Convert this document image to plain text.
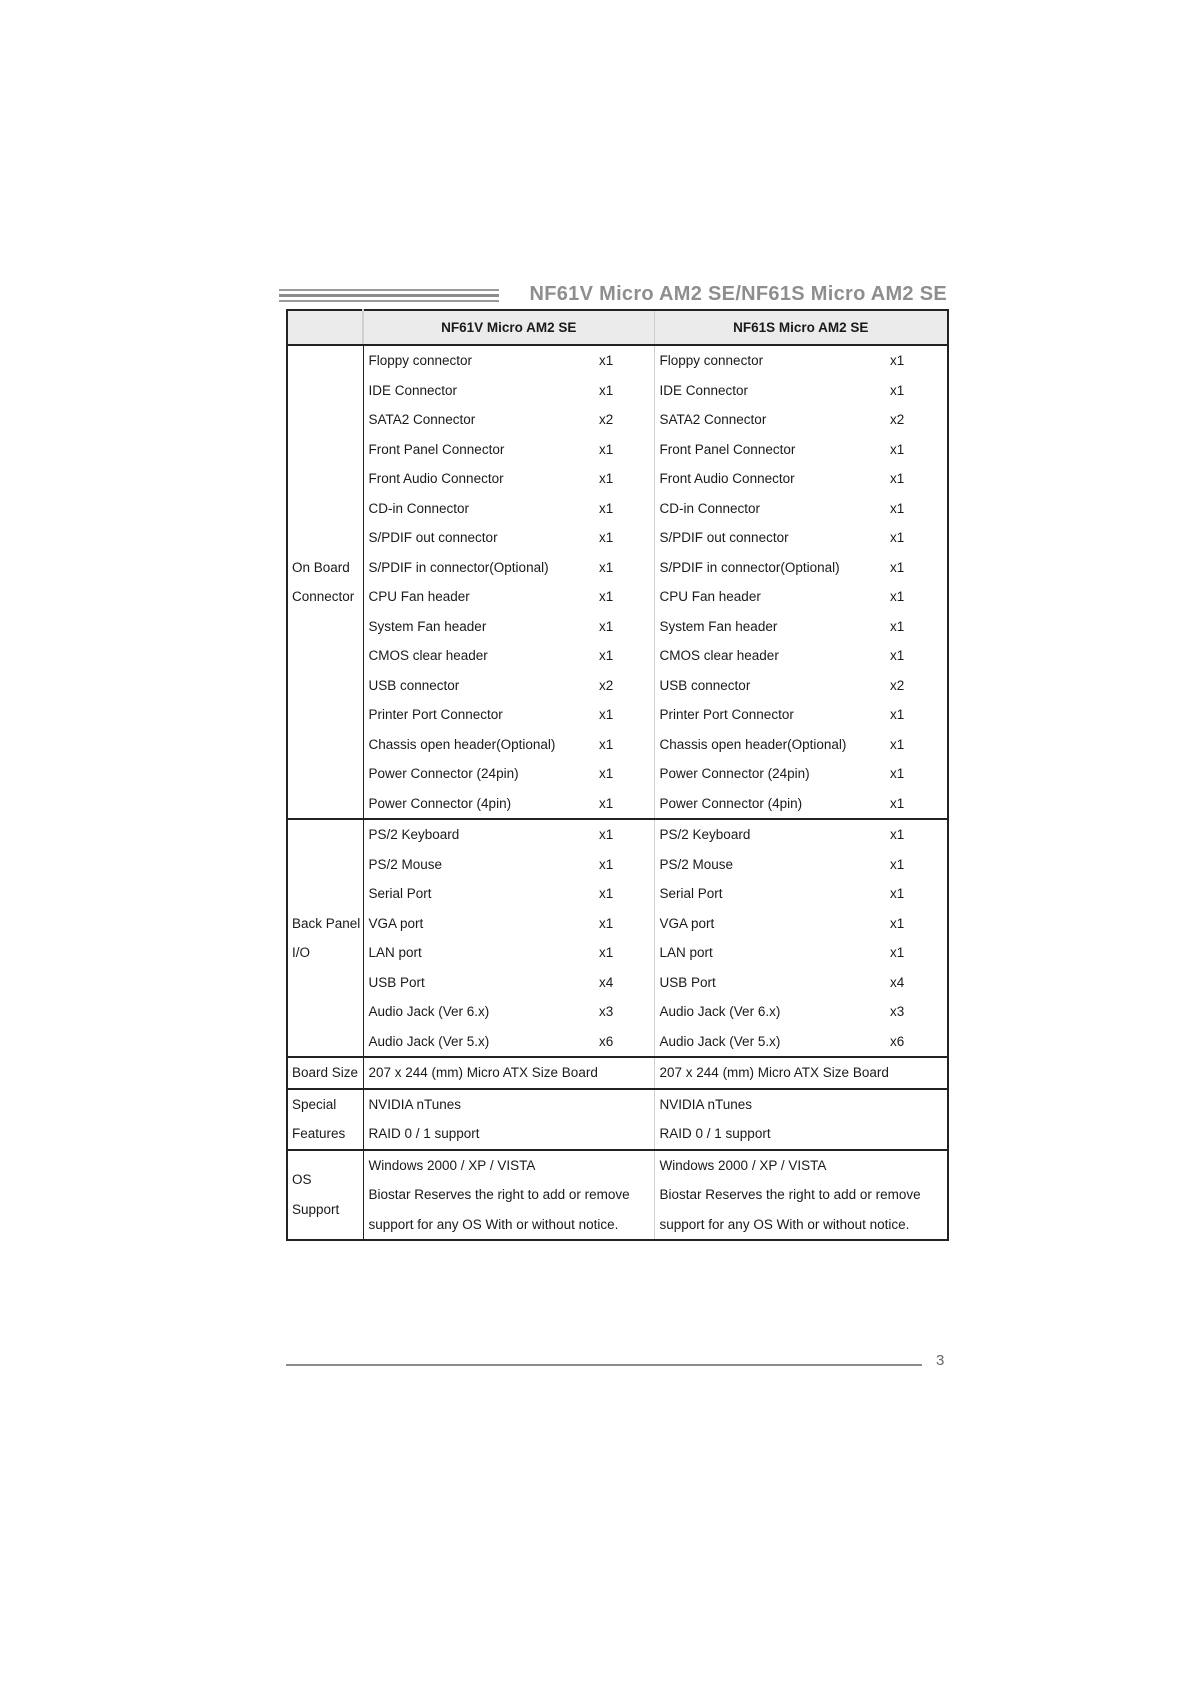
NF61V Micro AM2 SE/NF61S Micro AM2 SE
	NF61V Micro AM2 SE		NF61S Micro AM2 SE	
	Floppy connector	x1	Floppy connector	x1
	IDE Connector	x1	IDE Connector	x1
	SATA2 Connector	x2	SATA2 Connector	x2
	Front Panel Connector	x1	Front Panel Connector	x1
	Front Audio Connector	x1	Front Audio Connector	x1
	CD-in Connector	x1	CD-in Connector	x1
	S/PDIF out connector	x1	S/PDIF out connector	x1
On Board	S/PDIF in connector(Optional)	x1	S/PDIF in connector(Optional)	x1
Connector	CPU Fan header	x1	CPU Fan header	x1
	System Fan header	x1	System Fan header	x1
	CMOS clear header	x1	CMOS clear header	x1
	USB connector	x2	USB connector	x2
	Printer Port Connector	x1	Printer Port Connector	x1
	Chassis open header(Optional)	x1	Chassis open header(Optional)	x1
	Power Connector (24pin)	x1	Power Connector (24pin)	x1
	Power Connector (4pin)	x1	Power Connector (4pin)	x1
	PS/2 Keyboard	x1	PS/2 Keyboard	x1
	PS/2 Mouse	x1	PS/2 Mouse	x1
	Serial Port	x1	Serial Port	x1
Back Panel	VGA port	x1	VGA port	x1
I/O	LAN port	x1	LAN port	x1
	USB Port	x4	USB Port	x4
	Audio Jack (Ver 6.x)	x3	Audio Jack (Ver 6.x)	x3
	Audio Jack (Ver 5.x)	x6	Audio Jack (Ver 5.x)	x6
Board Size	207 x 244 (mm) Micro ATX Size Board		207 x 244 (mm) Micro ATX Size Board	
Special	NVIDIA nTunes		NVIDIA nTunes	
Features	RAID 0 / 1 support		RAID 0 / 1 support	
OS Support	Windows 2000 / XP / VISTA		Windows 2000 / XP / VISTA	
	Biostar Reserves the right to add or remove		Biostar Reserves the right to add or remove	
	support for any OS With or without notice.		support for any OS With or without notice.	
3
